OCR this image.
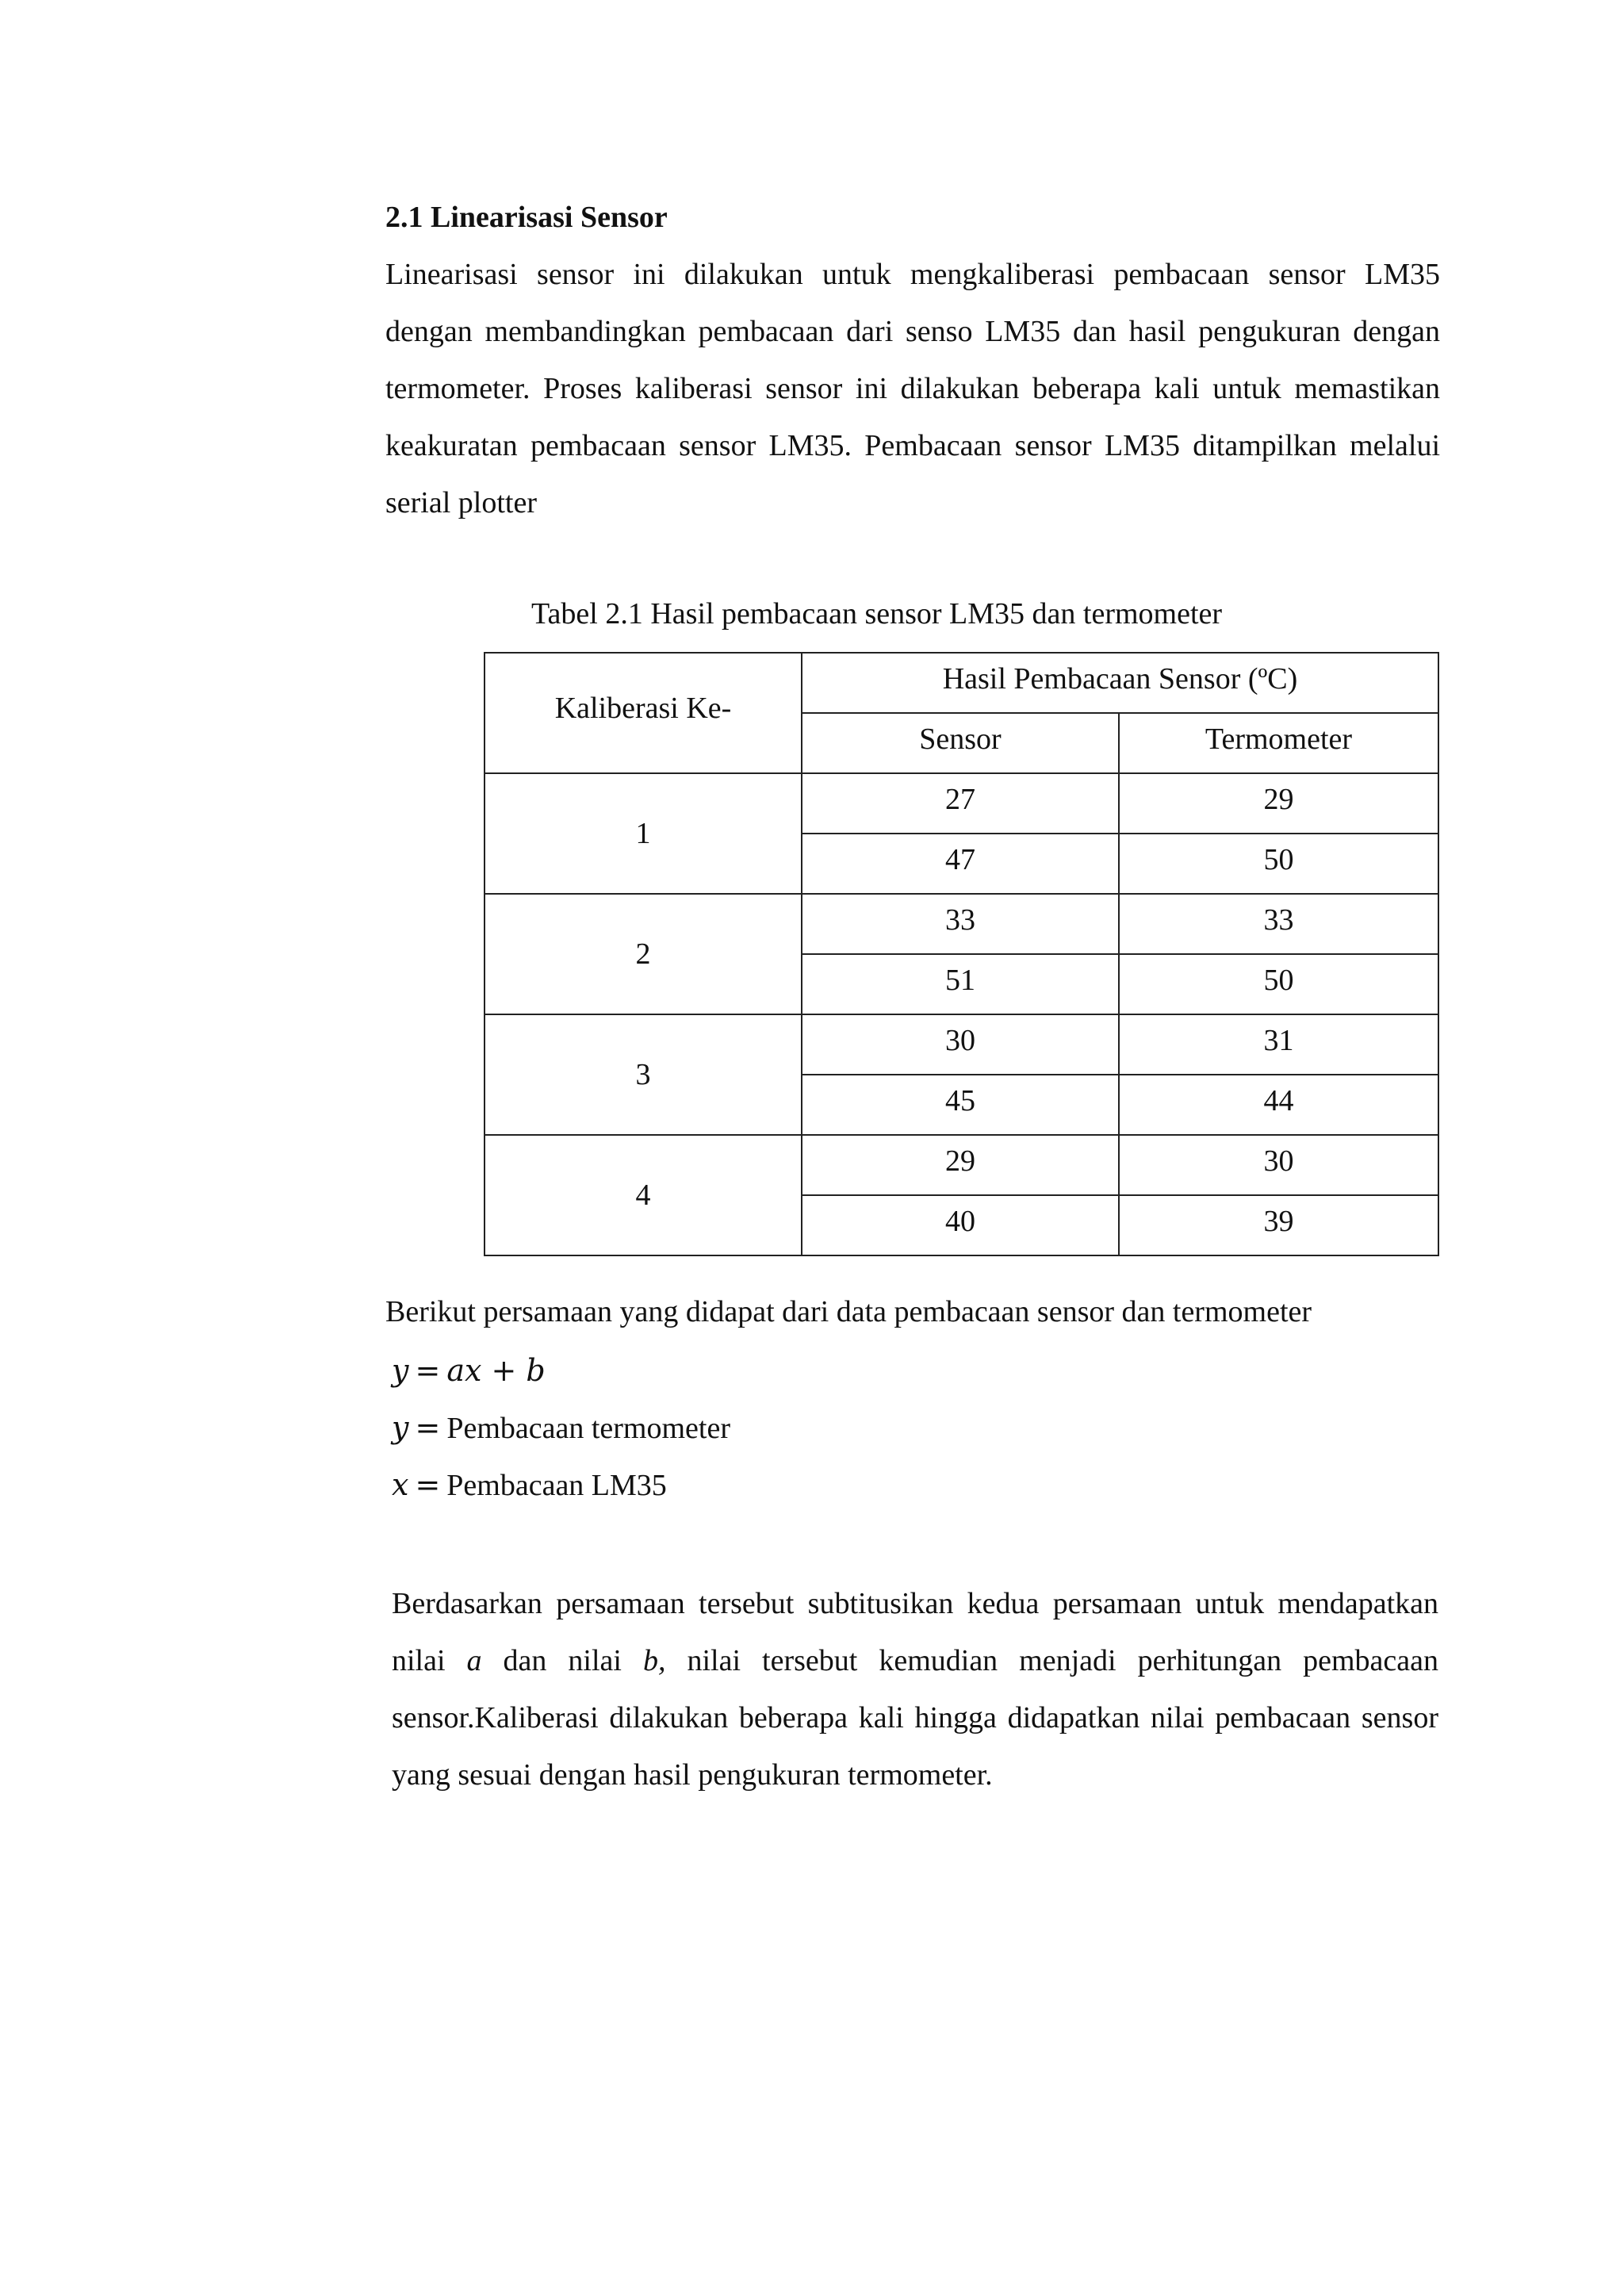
2.1 Linearisasi Sensor

Linearisasi sensor ini dilakukan untuk mengkaliberasi pembacaan sensor LM35 dengan membandingkan pembacaan dari senso LM35 dan hasil pengukuran dengan termometer. Proses kaliberasi sensor ini dilakukan beberapa kali untuk memastikan keakuratan pembacaan sensor LM35. Pembacaan sensor LM35 ditampilkan melalui serial plotter

Tabel 2.1 Hasil pembacaan sensor LM35 dan termometer

Kaliberasi Ke-	Hasil Pembacaan Sensor (ºC)	
	Sensor	Termometer
1	27	29
	47	50
2	33	33
	51	50
3	30	31
	45	44
4	29	30
	40	39

Berikut persamaan yang didapat dari data pembacaan sensor dan termometer

y = ax + b

y = Pembacaan termometer

x = Pembacaan LM35

Berdasarkan persamaan tersebut subtitusikan kedua persamaan untuk mendapatkan nilai a dan nilai b, nilai tersebut kemudian menjadi perhitungan pembacaan sensor.Kaliberasi dilakukan beberapa kali hingga didapatkan nilai pembacaan sensor yang sesuai dengan hasil pengukuran termometer.
